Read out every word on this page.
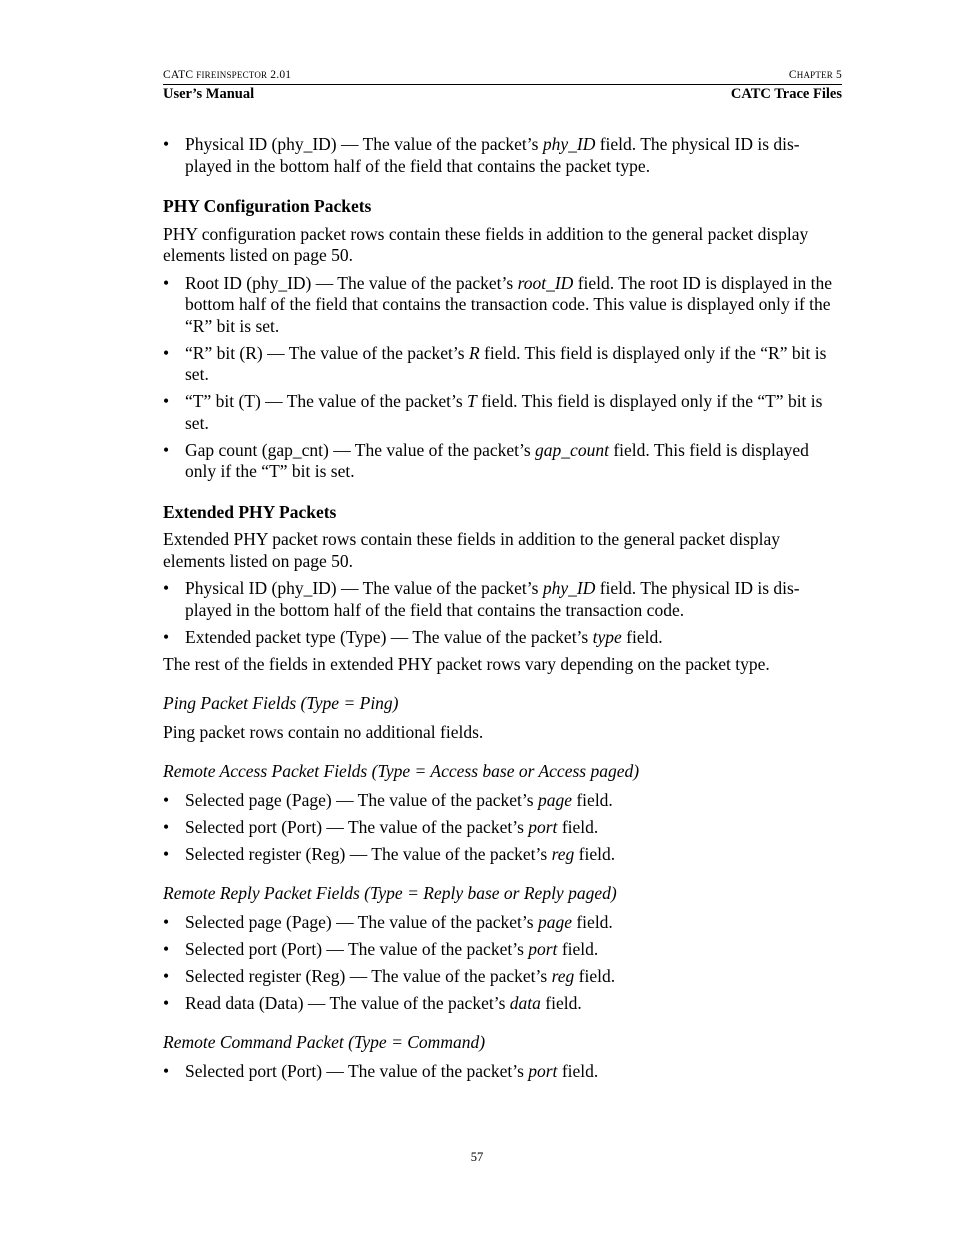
CATC FIREINSPECTOR 2.01	CHAPTER 5
User’s Manual	CATC Trace Files
• Physical ID (phy_ID) — The value of the packet’s phy_ID field. The physical ID is dis-played in the bottom half of the field that contains the packet type.
PHY Configuration Packets

PHY configuration packet rows contain these fields in addition to the general packet display elements listed on page 50.

• Root ID (phy_ID) — The value of the packet’s root_ID field. The root ID is displayed in the bottom half of the field that contains the transaction code. This value is displayed only if the “R” bit is set.
• “R” bit (R) — The value of the packet’s R field. This field is displayed only if the “R” bit is set.
• “T” bit (T) — The value of the packet’s T field. This field is displayed only if the “T” bit is set.
• Gap count (gap_cnt) — The value of the packet’s gap_count field. This field is displayed only if the “T” bit is set.
Extended PHY Packets

Extended PHY packet rows contain these fields in addition to the general packet display elements listed on page 50.

• Physical ID (phy_ID) — The value of the packet’s phy_ID field. The physical ID is dis-played in the bottom half of the field that contains the transaction code.
• Extended packet type (Type) — The value of the packet’s type field.

The rest of the fields in extended PHY packet rows vary depending on the packet type.

Ping Packet Fields (Type = Ping)

Ping packet rows contain no additional fields.

Remote Access Packet Fields (Type = Access base or Access paged)
• Selected page (Page) — The value of the packet’s page field.
• Selected port (Port) — The value of the packet’s port field.
• Selected register (Reg) — The value of the packet’s reg field.
Remote Reply Packet Fields (Type = Reply base or Reply paged)
• Selected page (Page) — The value of the packet’s page field.
• Selected port (Port) — The value of the packet’s port field.
• Selected register (Reg) — The value of the packet’s reg field.
• Read data (Data) — The value of the packet’s data field.
Remote Command Packet (Type = Command)
• Selected port (Port) — The value of the packet’s port field.
57
